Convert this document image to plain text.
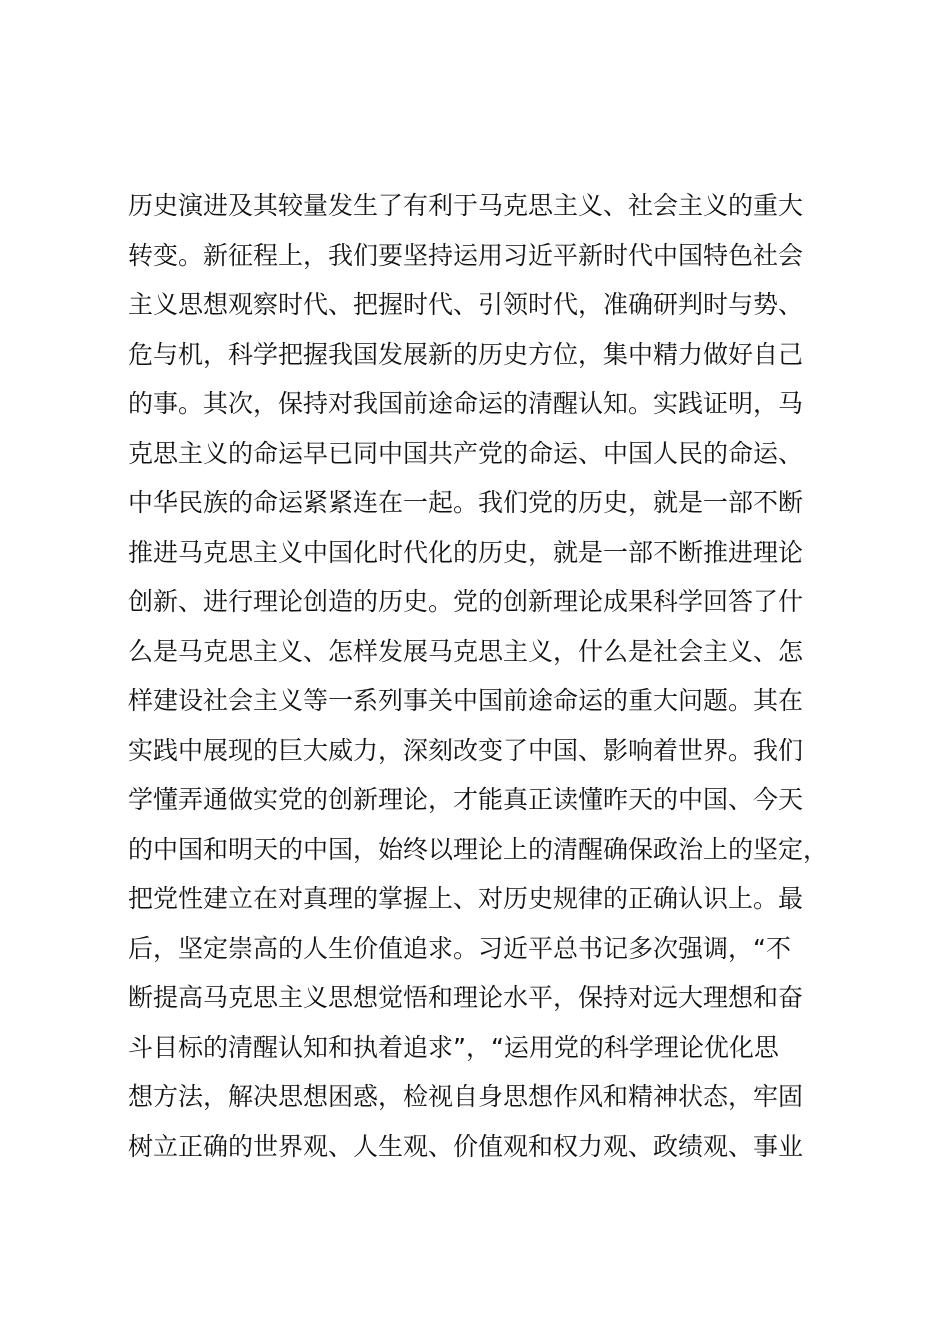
历史演进及其较量发生了有利于马克思主义、社会主义的重大
转变。新征程上，我们要坚持运用习近平新时代中国特色社会
主义思想观察时代、把握时代、引领时代，准确研判时与势、
危与机，科学把握我国发展新的历史方位，集中精力做好自己
的事。其次，保持对我国前途命运的清醒认知。实践证明，马
克思主义的命运早已同中国共产党的命运、中国人民的命运、
中华民族的命运紧紧连在一起。我们党的历史，就是一部不断
推进马克思主义中国化时代化的历史，就是一部不断推进理论
创新、进行理论创造的历史。党的创新理论成果科学回答了什
么是马克思主义、怎样发展马克思主义，什么是社会主义、怎
样建设社会主义等一系列事关中国前途命运的重大问题。其在
实践中展现的巨大威力，深刻改变了中国、影响着世界。我们
学懂弄通做实党的创新理论，才能真正读懂昨天的中国、今天
的中国和明天的中国，始终以理论上的清醒确保政治上的坚定，
把党性建立在对真理的掌握上、对历史规律的正确认识上。最
后，坚定崇高的人生价值追求。习近平总书记多次强调，“不
断提高马克思主义思想觉悟和理论水平，保持对远大理想和奋
斗目标的清醒认知和执着追求”，“运用党的科学理论优化思
想方法，解决思想困惑，检视自身思想作风和精神状态，牢固
树立正确的世界观、人生观、价值观和权力观、政绩观、事业
